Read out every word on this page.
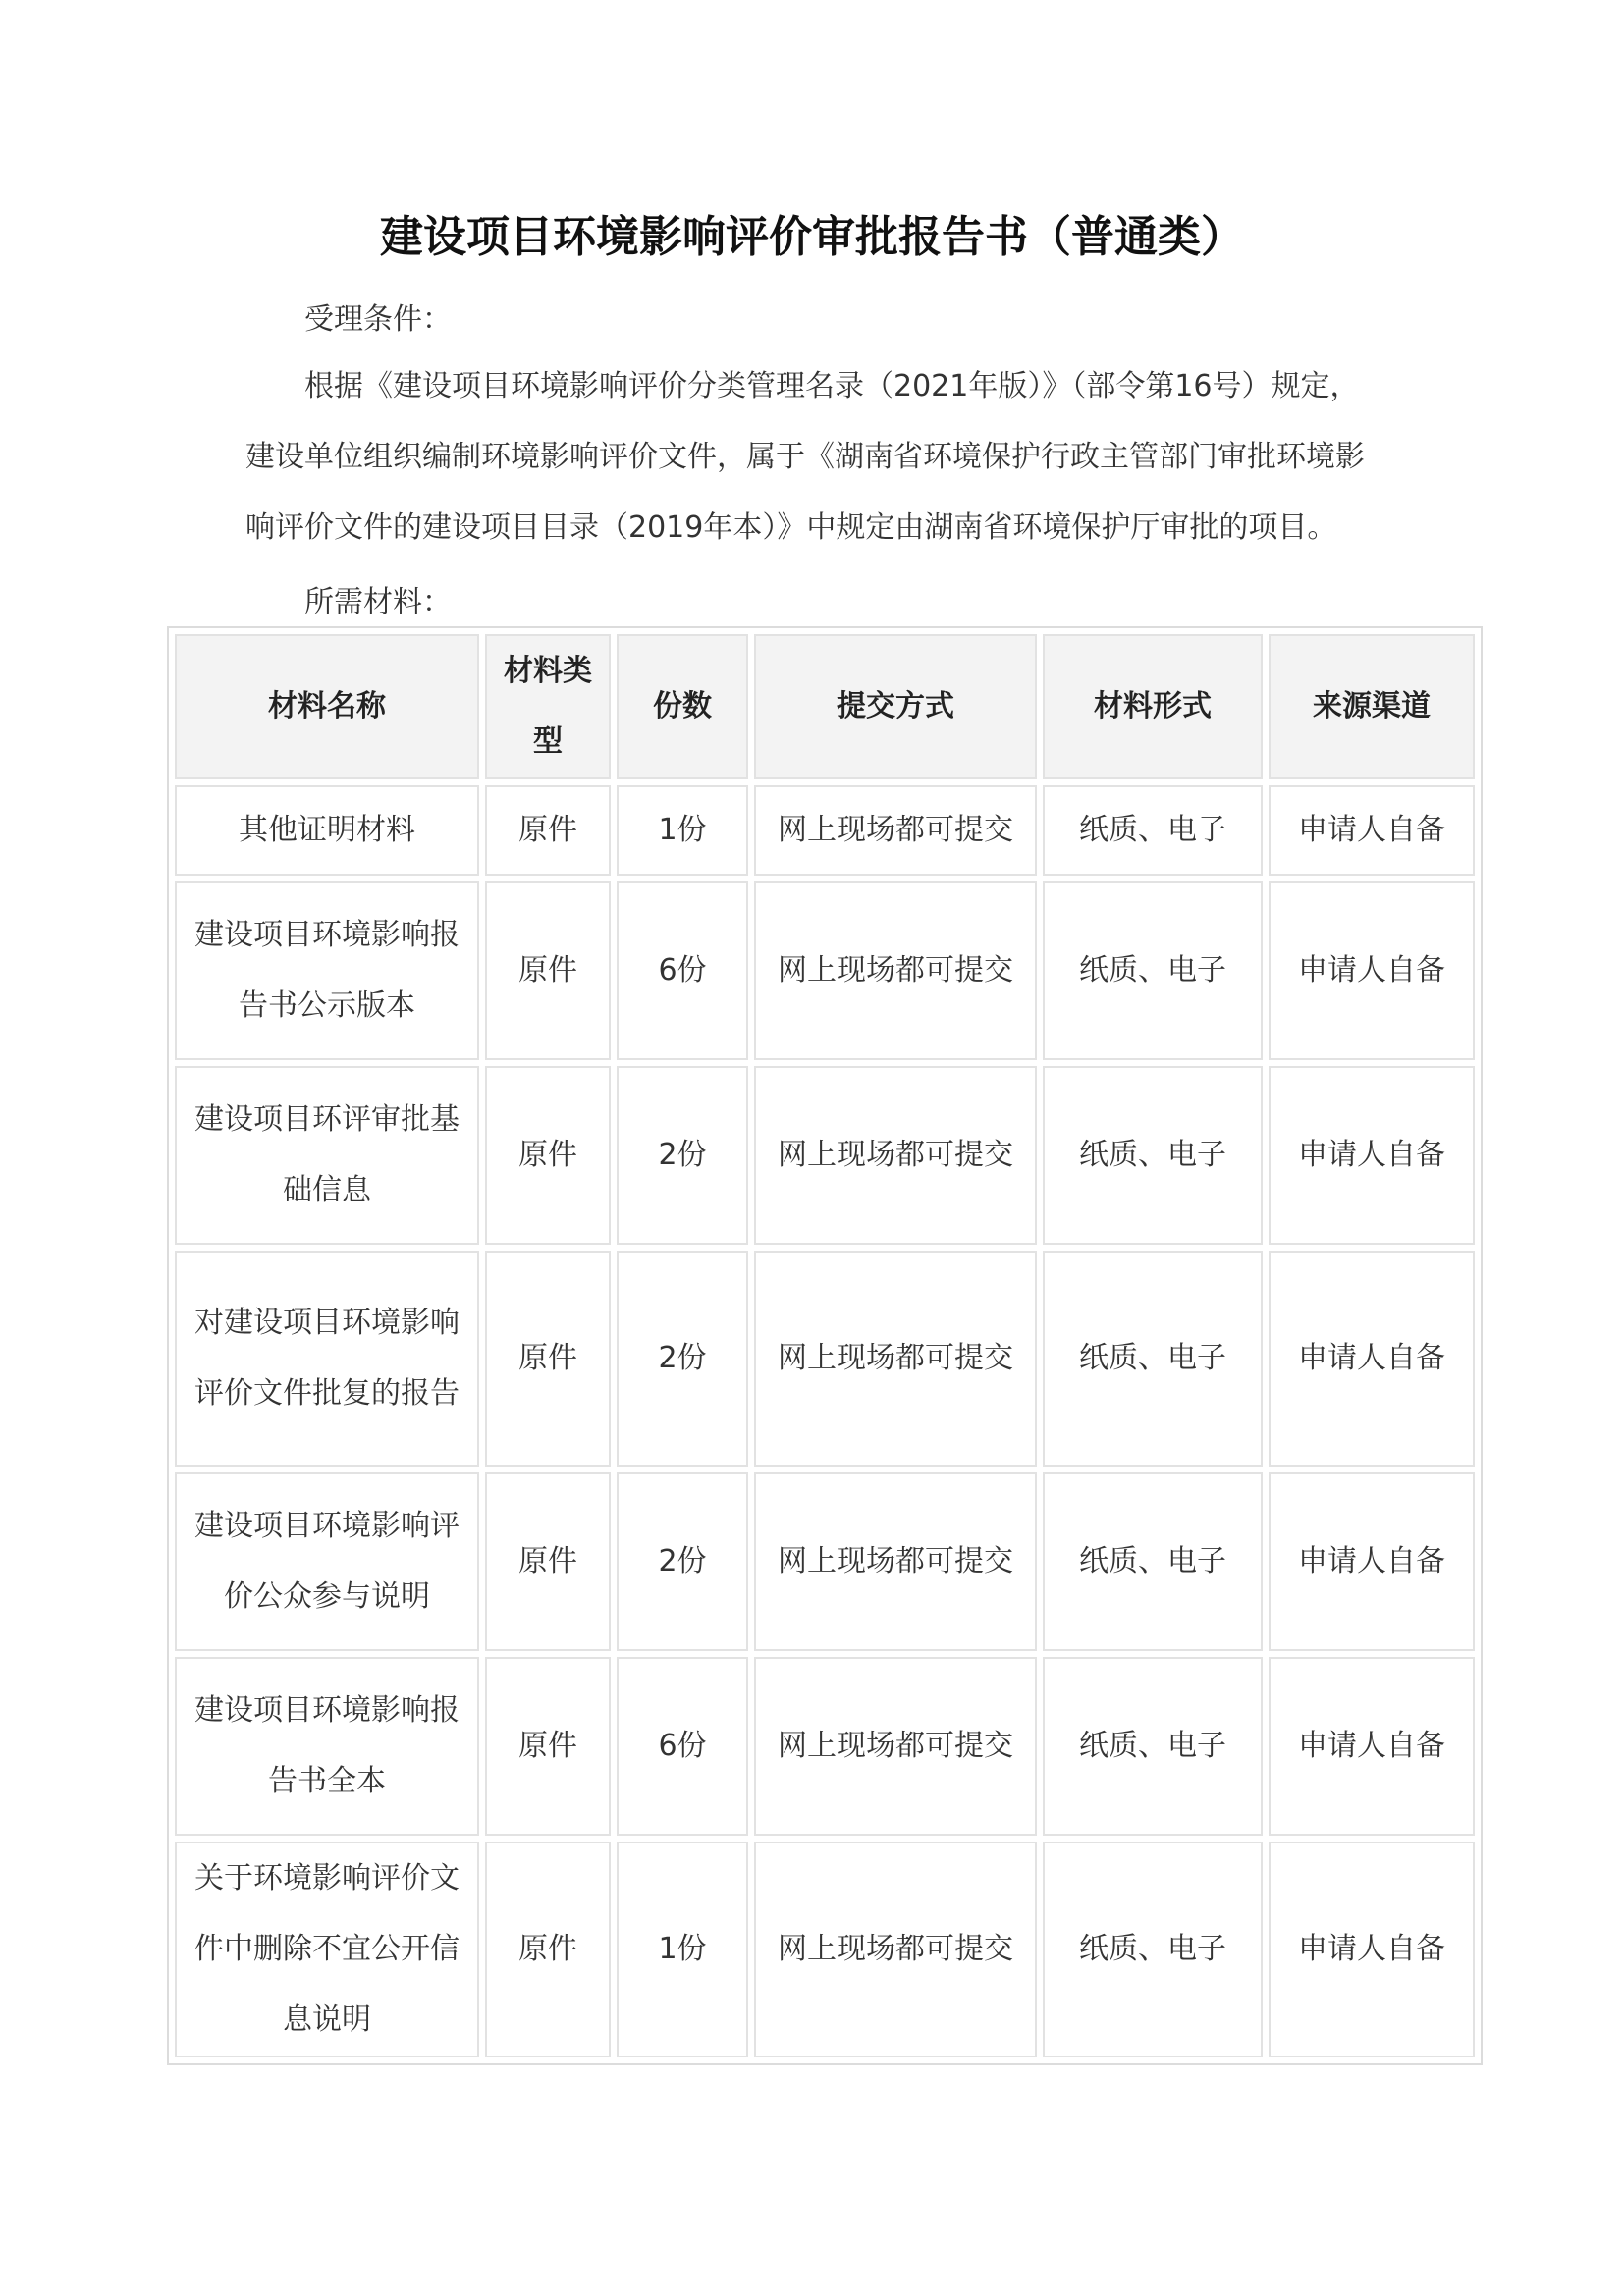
建设项目环境影响评价审批报告书（普通类）

受理条件：

根据《建设项目环境影响评价分类管理名录（2021年版）》（部令第16号）规定，建设单位组织编制环境影响评价文件，属于《湖南省环境保护行政主管部门审批环境影响评价文件的建设项目目录（2019年本）》中规定由湖南省环境保护厅审批的项目。

所需材料：

材料名称	材料类型	份数	提交方式	材料形式	来源渠道
其他证明材料	原件	1份	网上现场都可提交	纸质、电子	申请人自备
建设项目环境影响报告书公示版本	原件	6份	网上现场都可提交	纸质、电子	申请人自备
建设项目环评审批基础信息	原件	2份	网上现场都可提交	纸质、电子	申请人自备
对建设项目环境影响评价文件批复的报告	原件	2份	网上现场都可提交	纸质、电子	申请人自备
建设项目环境影响评价公众参与说明	原件	2份	网上现场都可提交	纸质、电子	申请人自备
建设项目环境影响报告书全本	原件	6份	网上现场都可提交	纸质、电子	申请人自备
关于环境影响评价文件中删除不宜公开信息说明	原件	1份	网上现场都可提交	纸质、电子	申请人自备
